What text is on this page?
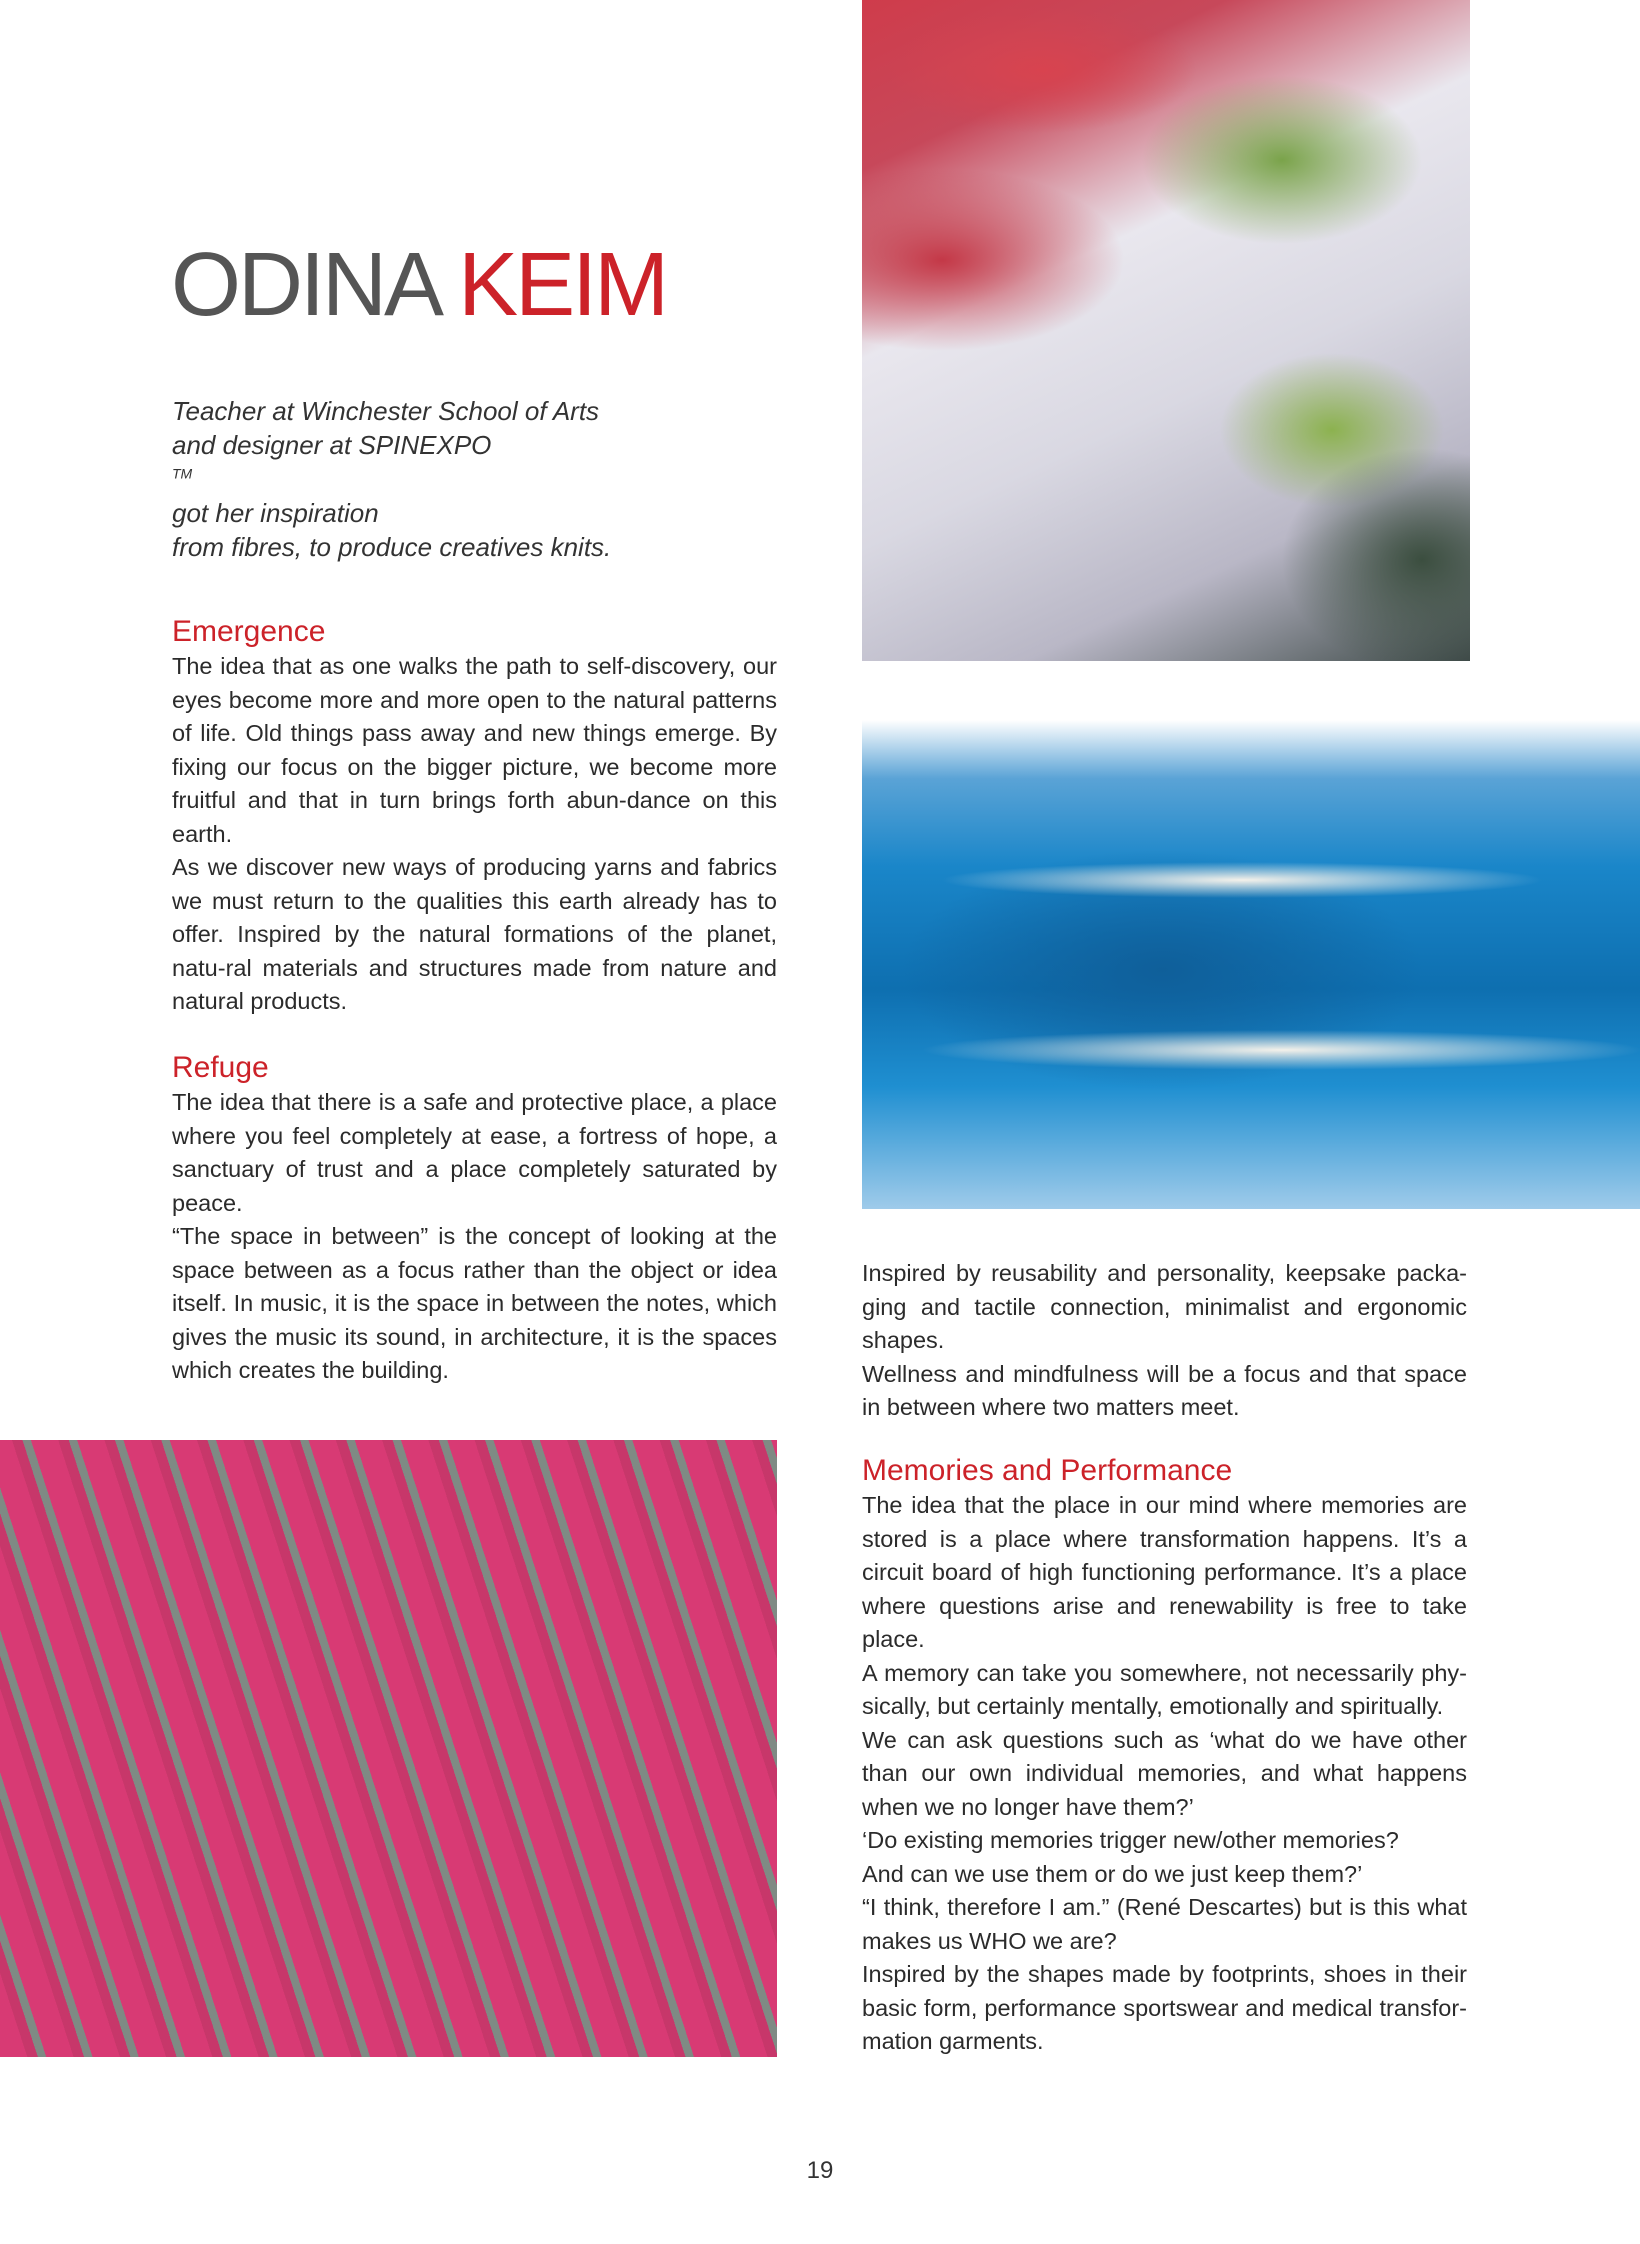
ODINA KEIM

Teacher at Winchester School of Arts
and designer at SPINEXPO
™
got her inspiration
from fibres, to produce creatives knits.

Emergence

The idea that as one walks the path to self-discovery, our eyes become more and more open to the natural patterns of life. Old things pass away and new things emerge. By fixing our focus on the bigger picture, we become more fruitful and that in turn brings forth abun-dance on this earth.

As we discover new ways of producing yarns and fabrics we must return to the qualities this earth already has to offer. Inspired by the natural formations of the planet, natu-ral materials and structures made from nature and natural products.

Refuge

The idea that there is a safe and protective place, a place where you feel completely at ease, a fortress of hope, a sanctuary of trust and a place completely saturated by peace.

“The space in between” is the concept of looking at the space between as a focus rather than the object or idea itself. In music, it is the space in between the notes, which gives the music its sound, in architecture, it is the spaces which creates the building.

Inspired by reusability and personality, keepsake packa-ging and tactile connection, minimalist and ergonomic shapes.

Wellness and mindfulness will be a focus and that space in between where two matters meet.

Memories and Performance

The idea that the place in our mind where memories are stored is a place where transformation happens. It’s a circuit board of high functioning performance. It’s a place where questions arise and renewability is free to take place.

A memory can take you somewhere, not necessarily phy-sically, but certainly mentally, emotionally and spiritually.

We can ask questions such as ‘what do we have other than our own individual memories, and what happens when we no longer have them?’

‘Do existing memories trigger new/other memories?

And can we use them or do we just keep them?’

“I think, therefore I am.” (René Descartes) but is this what makes us WHO we are?

Inspired by the shapes made by footprints, shoes in their basic form, performance sportswear and medical transfor-mation garments.

19
